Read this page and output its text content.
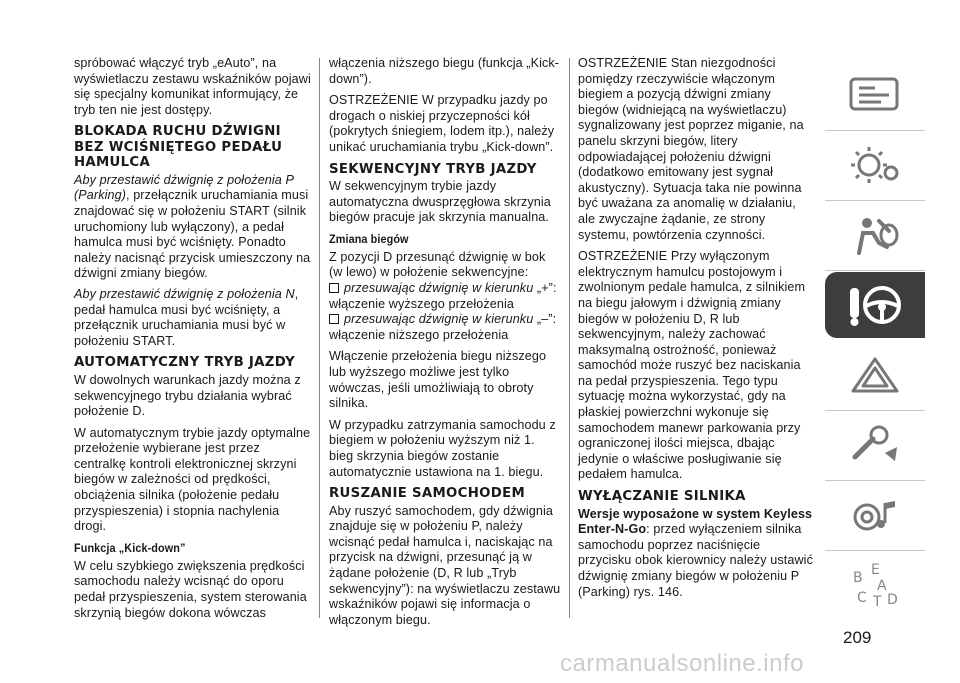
spróbować włączyć tryb „eAuto”, na wyświetlaczu zestawu wskaźników pojawi się specjalny komunikat informujący, że tryb ten nie jest dostępy.

BLOKADA RUCHU DŹWIGNI BEZ WCIŚNIĘTEGO PEDAŁU HAMULCA

Aby przestawić dźwignię z położenia P (Parking), przełącznik uruchamiania musi znajdować się w położeniu START (silnik uruchomiony lub wyłączony), a pedał hamulca musi być wciśnięty. Ponadto należy nacisnąć przycisk umieszczony na dźwigni zmiany biegów.

Aby przestawić dźwignię z położenia N, pedał hamulca musi być wciśnięty, a przełącznik uruchamiania musi być w położeniu START.

AUTOMATYCZNY TRYB JAZDY

W dowolnych warunkach jazdy można z sekwencyjnego trybu działania wybrać położenie D.

W automatycznym trybie jazdy optymalne przełożenie wybierane jest przez centralkę kontroli elektronicznej skrzyni biegów w zależności od prędkości, obciążenia silnika (położenie pedału przyspieszenia) i stopnia nachylenia drogi.

Funkcja „Kick-down”

W celu szybkiego zwiększenia prędkości samochodu należy wcisnąć do oporu pedał przyspieszenia, system sterowania skrzynią biegów dokona wówczas

włączenia niższego biegu (funkcja „Kick-down”).

OSTRZEŻENIE W przypadku jazdy po drogach o niskiej przyczepności kół (pokrytych śniegiem, lodem itp.), należy unikać uruchamiania trybu „Kick-down”.

SEKWENCYJNY TRYB JAZDY

W sekwencyjnym trybie jazdy automatyczna dwusprzęgłowa skrzynia biegów pracuje jak skrzynia manualna.

Zmiana biegów

Z pozycji D przesunąć dźwignię w bok (w lewo) w położenie sekwencyjne:

przesuwając dźwignię w kierunku „+”:
włączenie wyższego przełożenia
przesuwając dźwignię w kierunku „–”:
włączenie niższego przełożenia

Włączenie przełożenia biegu niższego lub wyższego możliwe jest tylko wówczas, jeśli umożliwiają to obroty silnika.

W przypadku zatrzymania samochodu z biegiem w położeniu wyższym niż 1. bieg skrzynia biegów zostanie automatycznie ustawiona na 1. biegu.

RUSZANIE SAMOCHODEM

Aby ruszyć samochodem, gdy dźwignia znajduje się w położeniu P, należy wcisnąć pedał hamulca i, naciskając na przycisk na dźwigni, przesunąć ją w żądane położenie (D, R lub „Tryb sekwencyjny”): na wyświetlaczu zestawu wskaźników pojawi się informacja o włączonym biegu.

OSTRZEŻENIE Stan niezgodności pomiędzy rzeczywiście włączonym biegiem a pozycją dźwigni zmiany biegów (widniejącą na wyświetlaczu) sygnalizowany jest poprzez miganie, na panelu skrzyni biegów, litery odpowiadającej położeniu dźwigni (dodatkowo emitowany jest sygnał akustyczny). Sytuacja taka nie powinna być uważana za anomalię w działaniu, ale zwyczajne żądanie, ze strony systemu, powtórzenia czynności.

OSTRZEŻENIE Przy wyłączonym elektrycznym hamulcu postojowym i zwolnionym pedale hamulca, z silnikiem na biegu jałowym i dźwignią zmiany biegów w położeniu D, R lub sekwencyjnym, należy zachować maksymalną ostrożność, ponieważ samochód może ruszyć bez naciskania na pedał przyspieszenia. Tego typu sytuację można wykorzystać, gdy na płaskiej powierzchni wykonuje się samochodem manewr parkowania przy ograniczonej ilości miejsca, dbając jedynie o właściwe posługiwanie się pedałem hamulca.

WYŁĄCZANIE SILNIKA

Wersje wyposażone w system Keyless Enter-N-Go: przed wyłączeniem silnika samochodu poprzez naciśnięcie przycisku obok kierownicy należy ustawić dźwignię zmiany biegów w położeniu P (Parking) rys. 146.

B E
A
C T D
209
carmanualsonline.info
